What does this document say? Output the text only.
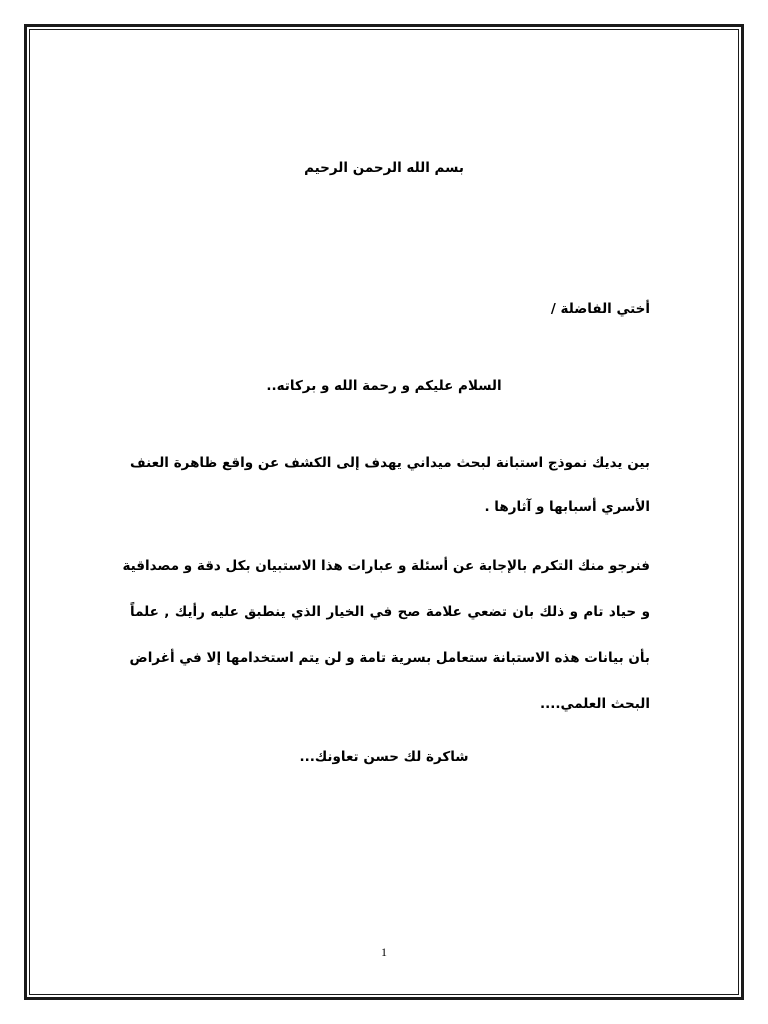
بسم الله الرحمن الرحيم

أختي الفاضلة /

السلام عليكم و رحمة الله و بركاته..

بين يديك نموذج استبانة لبحث ميداني يهدف إلى الكشف عن واقع ظاهرة العنف

الأسري أسبابها و آثارها .

فنرجو منك التكرم بالإجابة عن أسئلة و عبارات هذا الاستبيان بكل دقة و مصداقية

و حياد تام و ذلك بان تضعي علامة صح في الخيار الذي ينطبق عليه رأيك , علماً

بأن بيانات هذه الاستبانة ستعامل بسرية تامة و لن يتم استخدامها إلا في أغراض

البحث العلمي....

شاكرة لك حسن تعاونك...

1
